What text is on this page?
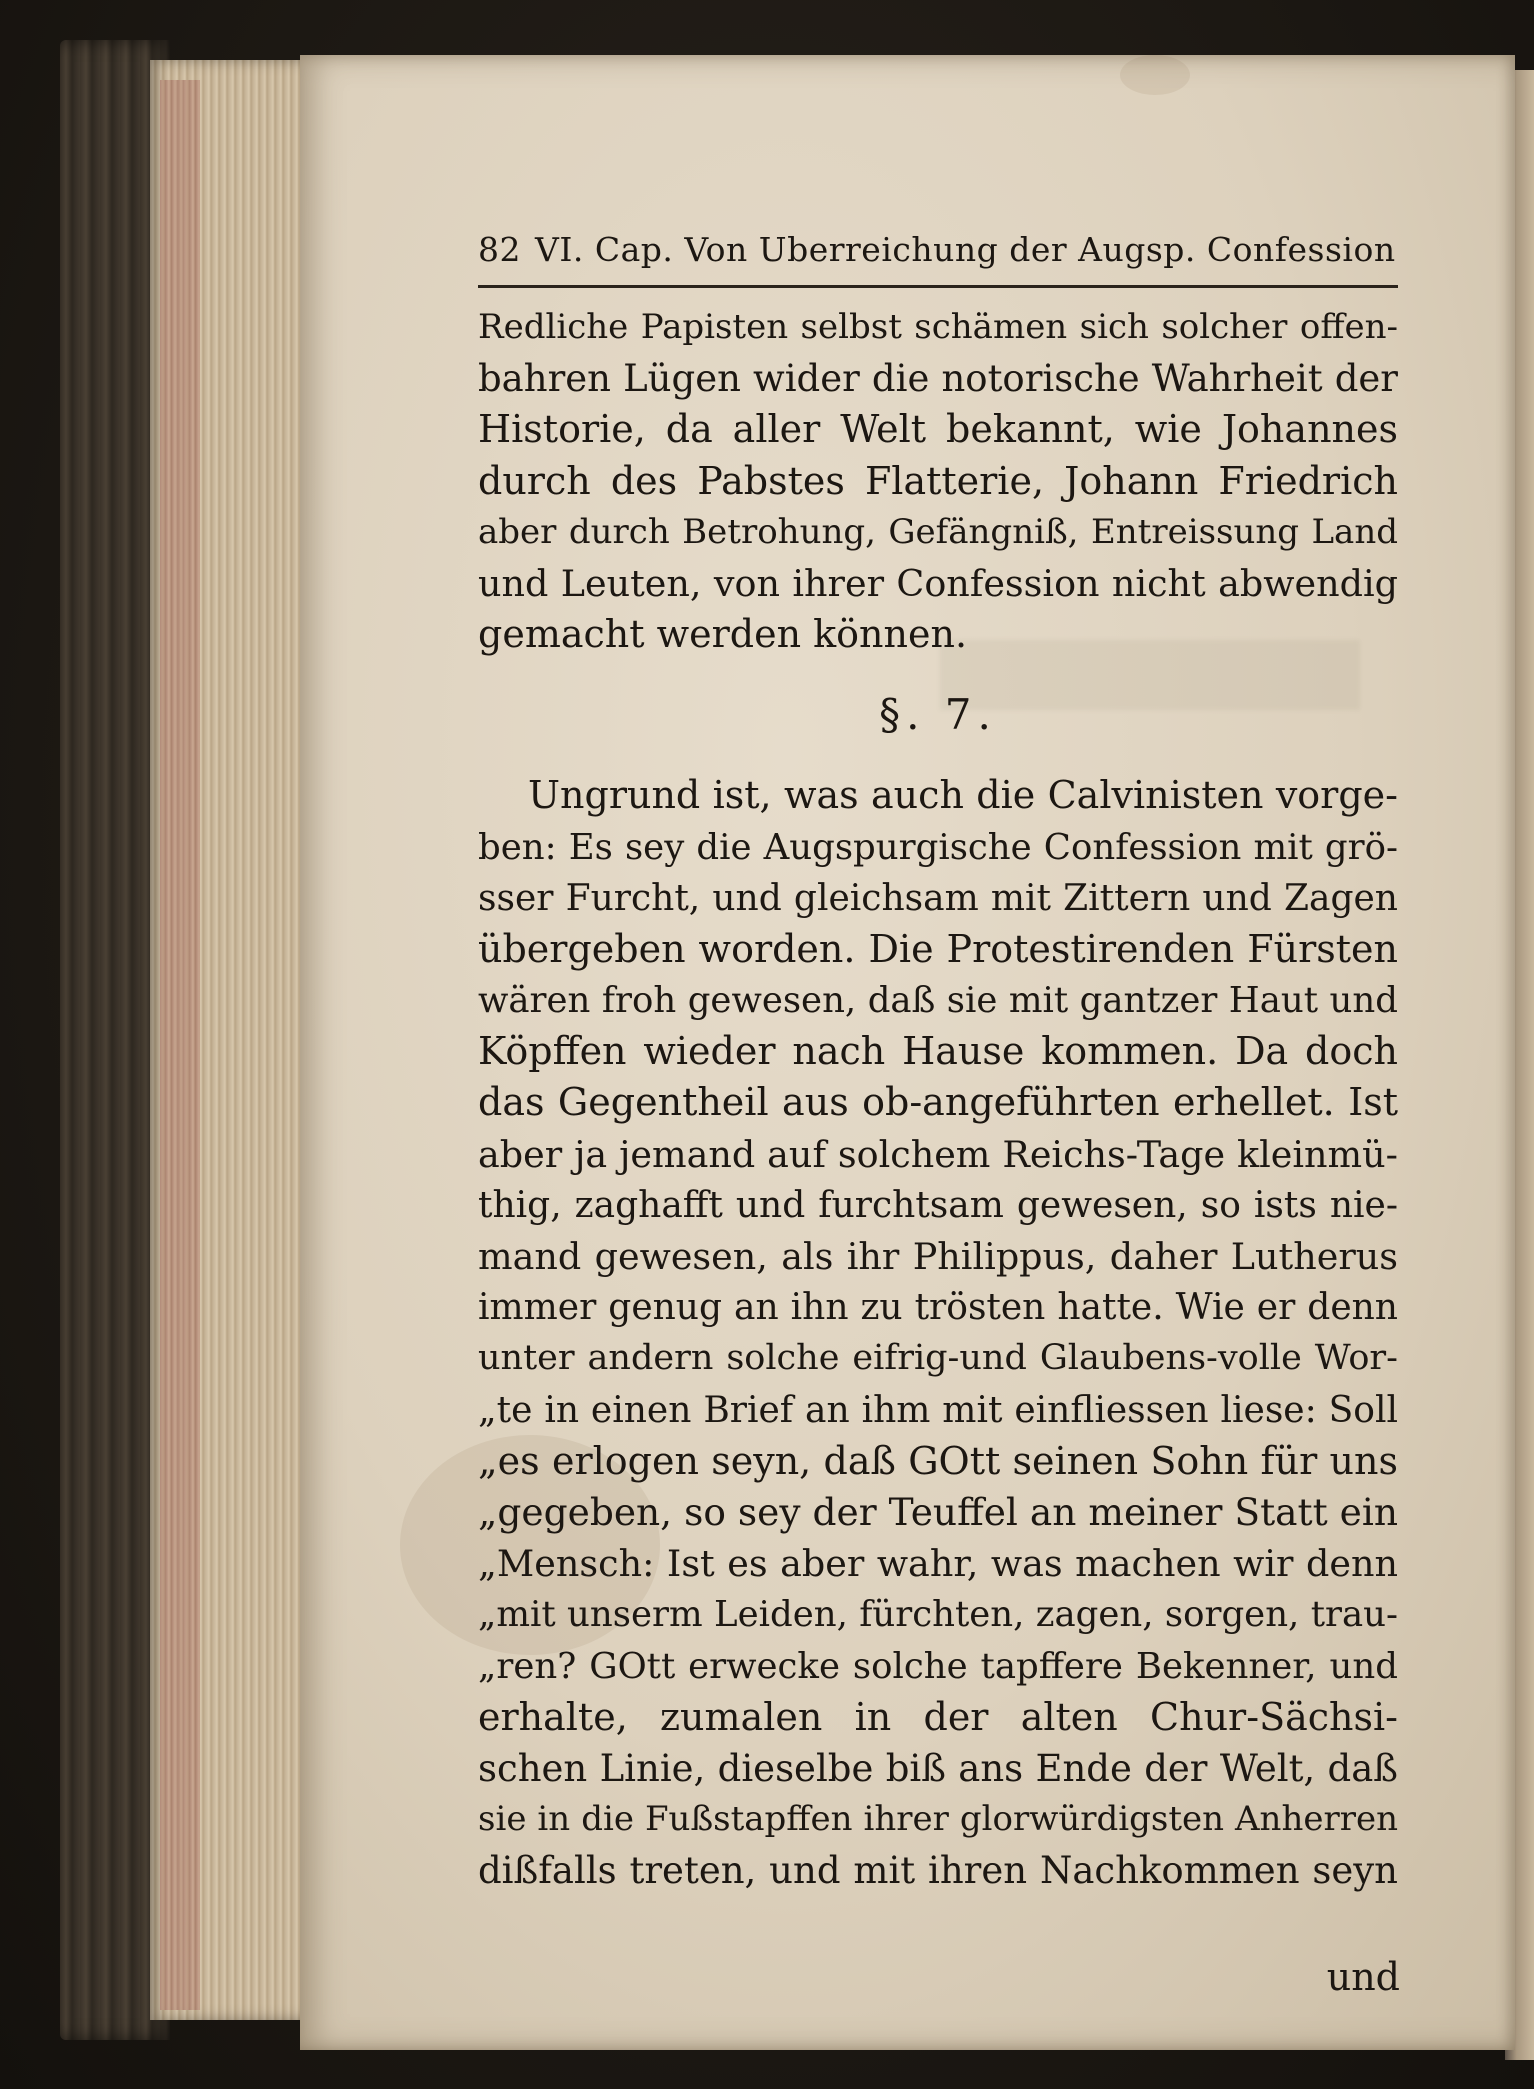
82 VI. Cap. Von Uberreichung der Augsp. Confession
Redliche Papisten selbst schämen sich solcher offen-
bahren Lügen wider die notorische Wahrheit der
Historie, da aller Welt bekannt, wie Johannes
durch des Pabstes Flatterie, Johann Friedrich
aber durch Betrohung, Gefängniß, Entreissung Land
und Leuten, von ihrer Confession nicht abwendig
gemacht werden können.
§. 7.
Ungrund ist, was auch die Calvinisten vorge-
ben: Es sey die Augspurgische Confession mit grö-
sser Furcht, und gleichsam mit Zittern und Zagen
übergeben worden. Die Protestirenden Fürsten
wären froh gewesen, daß sie mit gantzer Haut und
Köpffen wieder nach Hause kommen. Da doch
das Gegentheil aus ob-angeführten erhellet. Ist
aber ja jemand auf solchem Reichs-Tage kleinmü-
thig, zaghafft und furchtsam gewesen, so ists nie-
mand gewesen, als ihr Philippus, daher Lutherus
immer genug an ihn zu trösten hatte. Wie er denn
unter andern solche eifrig-und Glaubens-volle Wor-
„te in einen Brief an ihm mit einfliessen liese: Soll
„es erlogen seyn, daß GOtt seinen Sohn für uns
„gegeben, so sey der Teuffel an meiner Statt ein
„Mensch: Ist es aber wahr, was machen wir denn
„mit unserm Leiden, fürchten, zagen, sorgen, trau-
„ren? GOtt erwecke solche tapffere Bekenner, und
erhalte, zumalen in der alten Chur-Sächsi-
schen Linie, dieselbe biß ans Ende der Welt, daß
sie in die Fußstapffen ihrer glorwürdigsten Anherren
dißfalls treten, und mit ihren Nachkommen seyn
und
